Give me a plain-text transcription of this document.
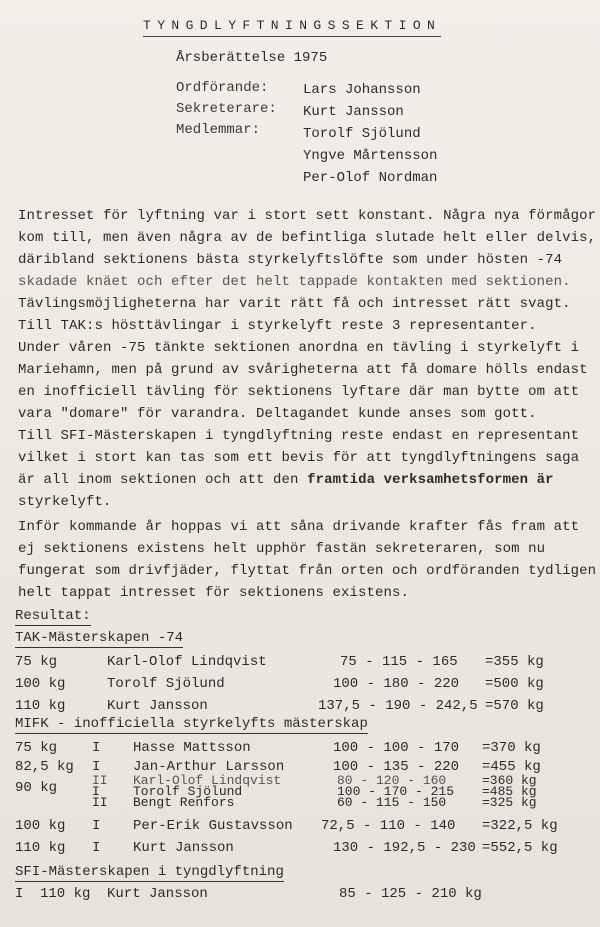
TYNGDLYFTNINGSSEKTION
Årsberättelse 1975
Ordförande: Lars Johansson
Sekreterare: Kurt Jansson
Medlemmar:	Torolf Sjölund
Yngve Mårtensson
Per-Olof Nordman
Intresset för lyftning var i stort sett konstant. Några nya förmågor
kom till, men även några av de befintliga slutade helt eller delvis,
däribland sektionens bästa styrkelyftslöfte som under hösten -74
skadade knäet och efter det helt tappade kontakten med sektionen.
Tävlingsmöjligheterna har varit rätt få och intresset rätt svagt.
Till TAK:s hösttävlingar i styrkelyft reste 3 representanter.
Under våren -75 tänkte sektionen anordna en tävling i styrkelyft i
Mariehamn, men på grund av svårigheterna att få domare hölls endast
en inofficiell tävling för sektionens lyftare där man bytte om att
vara "domare" för varandra. Deltagandet kunde anses som gott.
Till SFI-Mästerskapen i tyngdlyftning reste endast en representant
vilket i stort kan tas som ett bevis för att tyngdlyftningens saga
är all inom sektionen och att den framtida verksamhetsformen är
styrkelyft.
Inför kommande år hoppas vi att såna drivande krafter fås fram att
ej sektionens existens helt upphör fastän sekreteraren, som nu
fungerat som drivfjäder, flyttat från orten och ordföranden tydligen
helt tappat intresset för sektionens existens.
Resultat:
TAK-Mästerskapen -74
75 kg	Karl-Olof Lindqvist	75 - 115 - 165 =355 kg
100 kg	Torolf Sjölund	100 - 180 - 220 =500 kg
110 kg	Kurt Jansson	137,5 - 190 - 242,5 =570 kg
MIFK - inofficiella styrkelyfts mästerskap
75 kg I Hasse Mattsson	100 - 100 - 170 =370 kg
82,5 kg I Jan-Arthur Larsson	100 - 135 - 220 =455 kg
II Karl-Olof Lindqvist	80 - 120 - 160	=360 kg
90 kg	I	Torolf Sjölund	100 - 170 - 215 =485 kg
II Bengt Renfors	60 - 115 - 150	=325 kg
100 kg I Per-Erik Gustavsson 72,5 - 110 - 140 =322,5 kg
110 kg I Kurt Jansson	130 - 192,5 - 230 =552,5 kg
SFI-Mästerskapen i tyngdlyftning
I 110 kg Kurt Jansson	85 - 125 - 210 kg
